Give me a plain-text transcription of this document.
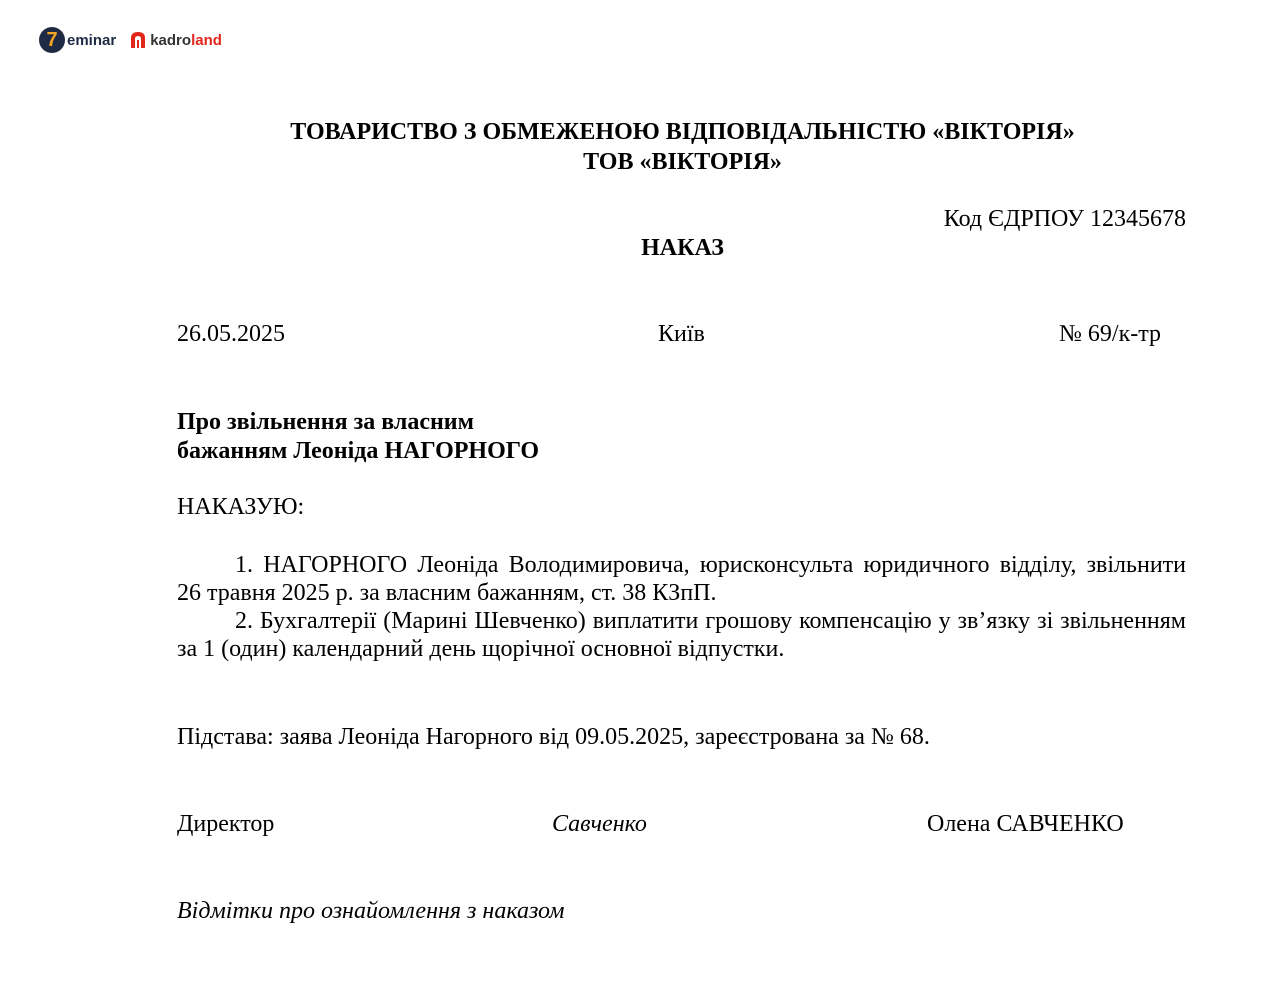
7 eminar kadroland
ТОВАРИСТВО З ОБМЕЖЕНОЮ ВІДПОВІДАЛЬНІСТЮ «ВІКТОРІЯ»
ТОВ «ВІКТОРІЯ»
Код ЄДРПОУ 12345678
НАКАЗ
26.05.2025	Київ	№ 69/к-тр
Про звільнення за власним
бажанням Леоніда НАГОРНОГО
НАКАЗУЮ:

1. НАГОРНОГО Леоніда Володимировича, юрисконсульта юридичного відділу, звільнити 26 травня 2025 р. за власним бажанням, ст. 38 КЗпП.

2. Бухгалтерії (Марині Шевченко) виплатити грошову компенсацію у зв’язку зі звільненням за 1 (один) календарний день щорічної основної відпустки.

Підстава: заява Леоніда Нагорного від 09.05.2025, зареєстрована за № 68.
Директор	Савченко	Олена САВЧЕНКО
Відмітки про ознайомлення з наказом
